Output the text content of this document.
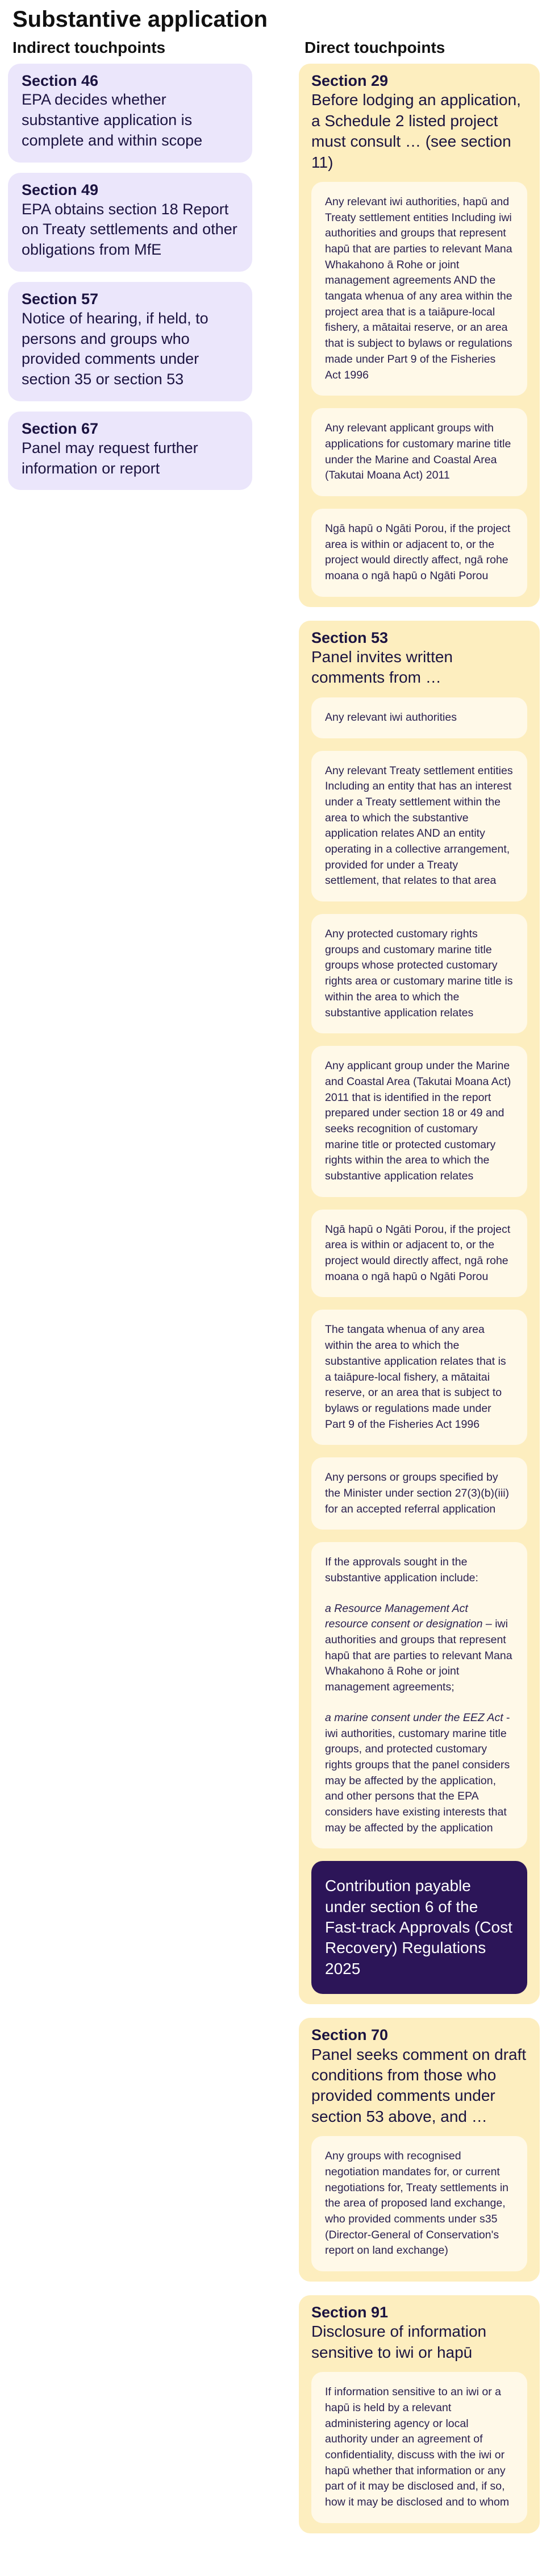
Substantive application
Indirect touchpoints	Direct touchpoints
Section 46
EPA decides whether substantive application is complete and within scope
Section 49
EPA obtains section 18 Report on Treaty settlements and other obligations from MfE
Section 57
Notice of hearing, if held, to persons and groups who provided comments under section 35 or section 53
Section 67
Panel may request further information or report
Section 29
Before lodging an application, a Schedule 2 listed project must consult … (see section 11)
Any relevant iwi authorities, hapū and Treaty settlement entities Including iwi authorities and groups that represent hapū that are parties to relevant Mana Whakahono ā Rohe or joint management agreements AND the tangata whenua of any area within the project area that is a taiāpure-local fishery, a mātaitai reserve, or an area that is subject to bylaws or regulations made under Part 9 of the Fisheries Act 1996
Any relevant applicant groups with applications for customary marine title under the Marine and Coastal Area (Takutai Moana Act) 2011
Ngā hapū o Ngāti Porou, if the project area is within or adjacent to, or the project would directly affect, ngā rohe moana o ngā hapū o Ngāti Porou
Section 53
Panel invites written comments from …
Any relevant iwi authorities
Any relevant Treaty settlement entities Including an entity that has an interest under a Treaty settlement within the area to which the substantive application relates AND an entity operating in a collective arrangement, provided for under a Treaty settlement, that relates to that area
Any protected customary rights groups and customary marine title groups whose protected customary rights area or customary marine title is within the area to which the substantive application relates
Any applicant group under the Marine and Coastal Area (Takutai Moana Act) 2011 that is identified in the report prepared under section 18 or 49 and seeks recognition of customary marine title or protected customary rights within the area to which the substantive application relates
Ngā hapū o Ngāti Porou, if the project area is within or adjacent to, or the project would directly affect, ngā rohe moana o ngā hapū o Ngāti Porou
The tangata whenua of any area within the area to which the substantive application relates that is a taiāpure-local fishery, a mātaitai reserve, or an area that is subject to bylaws or regulations made under Part 9 of the Fisheries Act 1996
Any persons or groups specified by the Minister under section 27(3)(b)(iii) for an accepted referral application
If the approvals sought in the substantive application include:
a Resource Management Act resource consent or designation – iwi authorities and groups that represent hapū that are parties to relevant Mana Whakahono ā Rohe or joint management agreements;
a marine consent under the EEZ Act - iwi authorities, customary marine title groups, and protected customary rights groups that the panel considers may be affected by the application, and other persons that the EPA considers have existing interests that may be affected by the application
Contribution payable under section 6 of the Fast-track Approvals (Cost Recovery) Regulations 2025
Section 70
Panel seeks comment on draft conditions from those who provided comments under section 53 above, and …
Any groups with recognised negotiation mandates for, or current negotiations for, Treaty settlements in the area of proposed land exchange, who provided comments under s35 (Director-General of Conservation's report on land exchange)
Section 91
Disclosure of information sensitive to iwi or hapū
If information sensitive to an iwi or a hapū is held by a relevant administering agency or local authority under an agreement of confidentiality, discuss with the iwi or hapū whether that information or any part of it may be disclosed and, if so, how it may be disclosed and to whom
